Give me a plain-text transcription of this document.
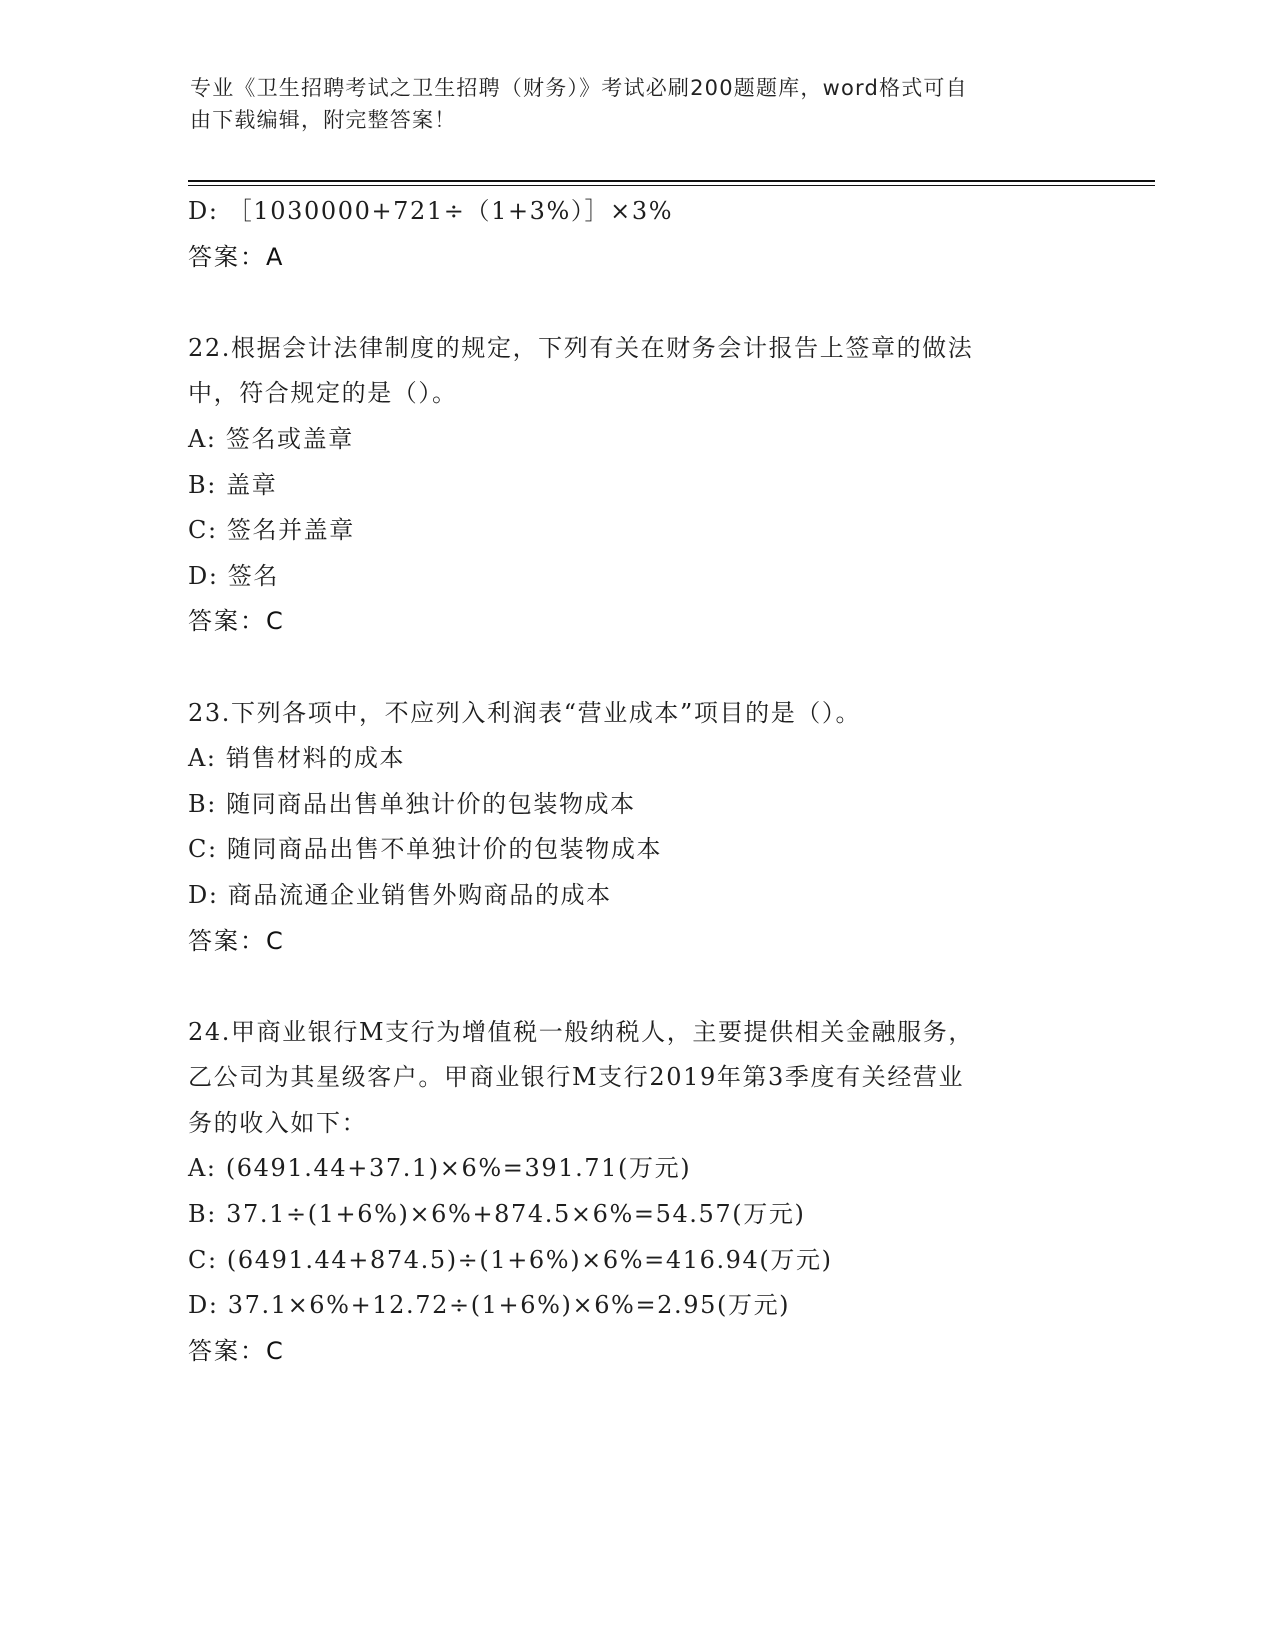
专业《卫生招聘考试之卫生招聘（财务）》考试必刷200题题库，word格式可自
由下载编辑，附完整答案！
D: ［1030000+721÷（1+3%）］×3%
答案：A
22.根据会计法律制度的规定，下列有关在财务会计报告上签章的做法
中，符合规定的是（）。
A: 签名或盖章
B: 盖章
C: 签名并盖章
D: 签名
答案：C
23.下列各项中，不应列入利润表“营业成本”项目的是（）。
A: 销售材料的成本
B: 随同商品出售单独计价的包装物成本
C: 随同商品出售不单独计价的包装物成本
D: 商品流通企业销售外购商品的成本
答案：C
24.甲商业银行M支行为增值税一般纳税人，主要提供相关金融服务，
乙公司为其星级客户。甲商业银行M支行2019年第3季度有关经营业
务的收入如下：
A: (6491.44+37.1)×6%=391.71(万元)
B: 37.1÷(1+6%)×6%+874.5×6%=54.57(万元)
C: (6491.44+874.5)÷(1+6%)×6%=416.94(万元)
D: 37.1×6%+12.72÷(1+6%)×6%=2.95(万元)
答案：C
